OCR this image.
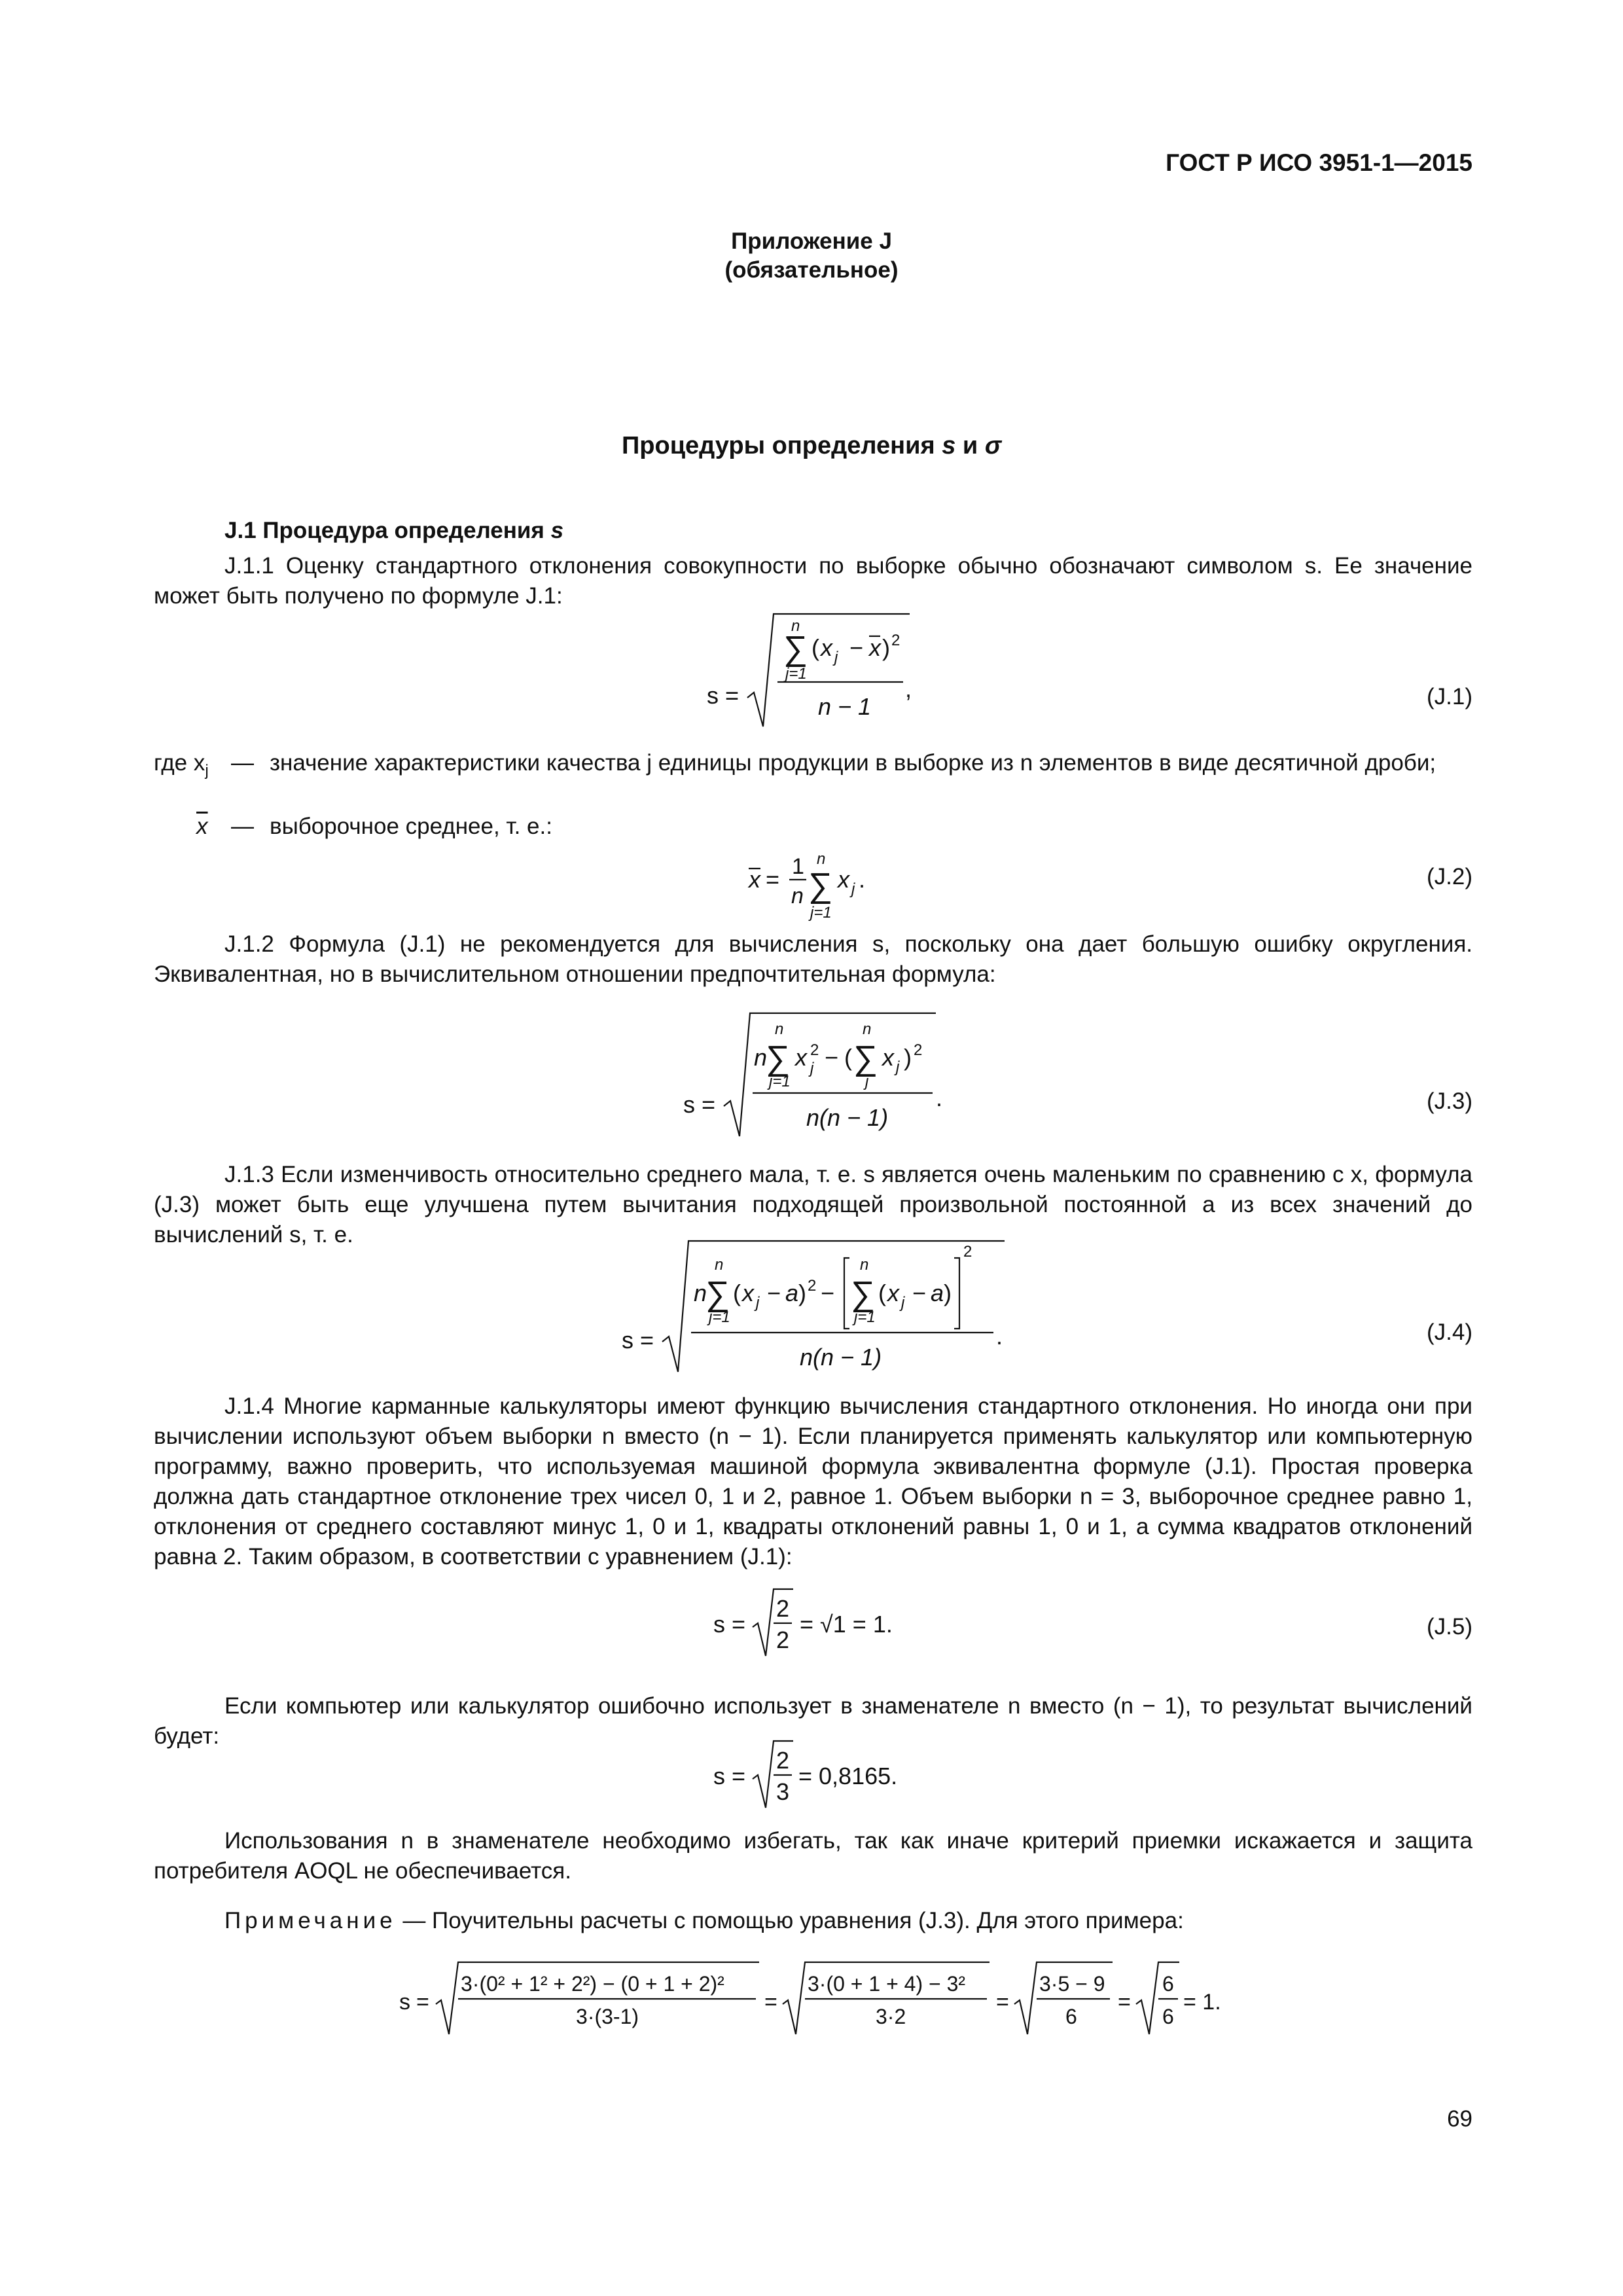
ГОСТ Р ИСО 3951-1—2015
Приложение J
(обязательное)
Процедуры определения s и σ
J.1 Процедура определения s
J.1.1 Оценку стандартного отклонения совокупности по выборке обычно обозначают символом s. Ее значение может быть получено по формуле J.1:
s =
∑
n
j=1
( x j − x ) 2
n − 1
,	(J.1)
где $x_j$ — значение характеристики качества j единицы продукции в выборке из n элементов в виде десятичной дроби;
$\overline{x}$ — выборочное среднее, т. е.:
x = 1
n ∑
n
j=1
x j .	(J.2)
J.1.2 Формула (J.1) не рекомендуется для вычисления s, поскольку она дает большую ошибку округления. Эквивалентная, но в вычислительном отношении предпочтительная формула:
s =
n
∑
n
j=1
x 2
j − ( ∑
n
j
x j ) 2
n(n − 1)
.	(J.3)
J.1.3 Если изменчивость относительно среднего мала, т. е. s является очень маленьким по сравнению с x, формула (J.3) может быть еще улучшена путем вычитания подходящей произвольной постоянной a из всех значений до вычислений s, т. е.
s =
n
∑
n
j=1
( x j − a ) 2 − ∑
n
j=1
( x j − a )
2
n(n − 1)
.	(J.4)
J.1.4 Многие карманные калькуляторы имеют функцию вычисления стандартного отклонения. Но иногда они при вычислении используют объем выборки n вместо (n − 1). Если планируется применять калькулятор или компьютерную программу, важно проверить, что используемая машиной формула эквивалентна формуле (J.1). Простая проверка должна дать стандартное отклонение трех чисел 0, 1 и 2, равное 1. Объем выборки n = 3, выборочное среднее равно 1, отклонения от среднего составляют минус 1, 0 и 1, квадраты отклонений равны 1, 0 и 1, а сумма квадратов отклонений равна 2. Таким образом, в соответствии с уравнением (J.1):
s =
2
2
= √1 = 1.	(J.5)
Если компьютер или калькулятор ошибочно использует в знаменателе n вместо (n − 1), то результат вычислений будет:
s =
2
3
= 0,8165.
Использования n в знаменателе необходимо избегать, так как иначе критерий приемки искажается и защита потребителя AOQL не обеспечивается.
Примечание — Поучительны расчеты с помощью уравнения (J.3). Для этого примера:
s =
3·(0² + 1² + 2²) − (0 + 1 + 2)²
3·(3-1)
=
3·(0 + 1 + 4) − 3²
3·2
=
3·5 − 9
6
=
6
6
= 1.
69
